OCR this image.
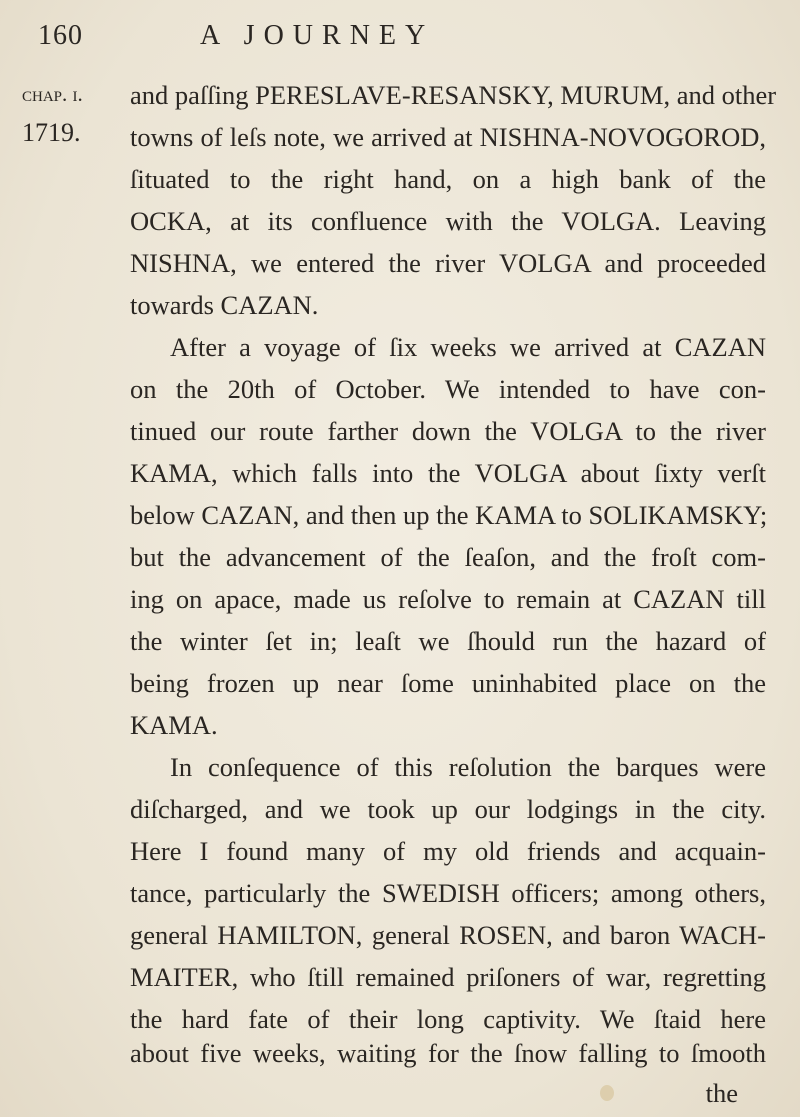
160	A JOURNEY
chap. i.
1719.
and paſſing PERESLAVE-RESANSKY, MURUM, and other
towns of leſs note, we arrived at NISHNA-NOVOGOROD,
ſituated to the right hand, on a high bank of the
OCKA, at its confluence with the VOLGA. Leaving
NISHNA, we entered the river VOLGA and proceeded
towards CAZAN.
After a voyage of ſix weeks we arrived at CAZAN
on the 20th of October. We intended to have con-
tinued our route farther down the VOLGA to the river
KAMA, which falls into the VOLGA about ſixty verſt
below CAZAN, and then up the KAMA to SOLIKAMSKY;
but the advancement of the ſeaſon, and the froſt com-
ing on apace, made us reſolve to remain at CAZAN till
the winter ſet in; leaſt we ſhould run the hazard of
being frozen up near ſome uninhabited place on the
KAMA.
In conſequence of this reſolution the barques were
diſcharged, and we took up our lodgings in the city.
Here I found many of my old friends and acquain-
tance, particularly the SWEDISH officers; among others,
general HAMILTON, general ROSEN, and baron WACH-
MAITER, who ſtill remained priſoners of war, regretting
the hard fate of their long captivity. We ſtaid here
about five weeks, waiting for the ſnow falling to ſmooth
the
